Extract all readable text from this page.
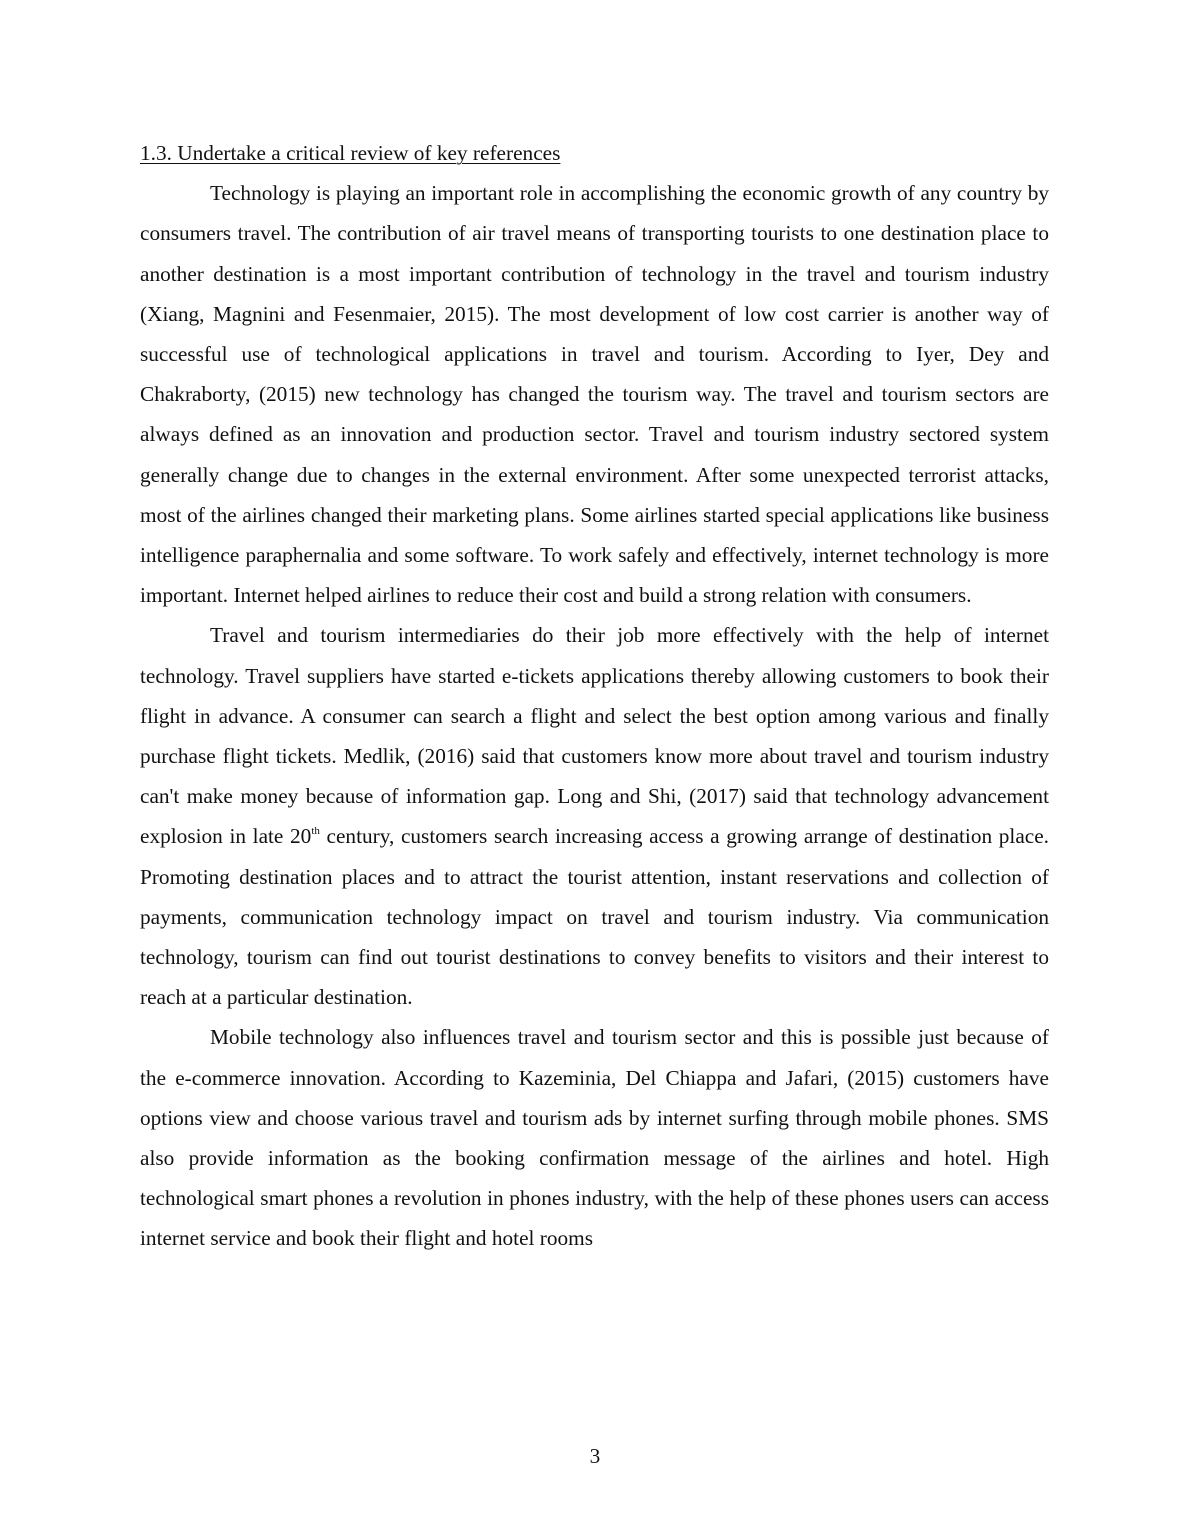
1.3. Undertake a critical review of key references

Technology is playing an important role in accomplishing the economic growth of any country by consumers travel. The contribution of air travel means of transporting tourists to one destination place to another destination is a most important contribution of technology in the travel and tourism industry (Xiang, Magnini and Fesenmaier, 2015). The most development of low cost carrier is another way of successful use of technological applications in travel and tourism. According to Iyer, Dey and Chakraborty, (2015) new technology has changed the tourism way. The travel and tourism sectors are always defined as an innovation and production sector. Travel and tourism industry sectored system generally change due to changes in the external environment. After some unexpected terrorist attacks, most of the airlines changed their marketing plans. Some airlines started special applications like business intelligence paraphernalia and some software. To work safely and effectively, internet technology is more important. Internet helped airlines to reduce their cost and build a strong relation with consumers.

Travel and tourism intermediaries do their job more effectively with the help of internet technology. Travel suppliers have started e-tickets applications thereby allowing customers to book their flight in advance. A consumer can search a flight and select the best option among various and finally purchase flight tickets. Medlik, (2016) said that customers know more about travel and tourism industry can't make money because of information gap. Long and Shi, (2017) said that technology advancement explosion in late 20th century, customers search increasing access a growing arrange of destination place. Promoting destination places and to attract the tourist attention, instant reservations and collection of payments, communication technology impact on travel and tourism industry. Via communication technology, tourism can find out tourist destinations to convey benefits to visitors and their interest to reach at a particular destination.

Mobile technology also influences travel and tourism sector and this is possible just because of the e-commerce innovation. According to Kazeminia, Del Chiappa and Jafari, (2015) customers have options view and choose various travel and tourism ads by internet surfing through mobile phones. SMS also provide information as the booking confirmation message of the airlines and hotel. High technological smart phones a revolution in phones industry, with the help of these phones users can access internet service and book their flight and hotel rooms

3
